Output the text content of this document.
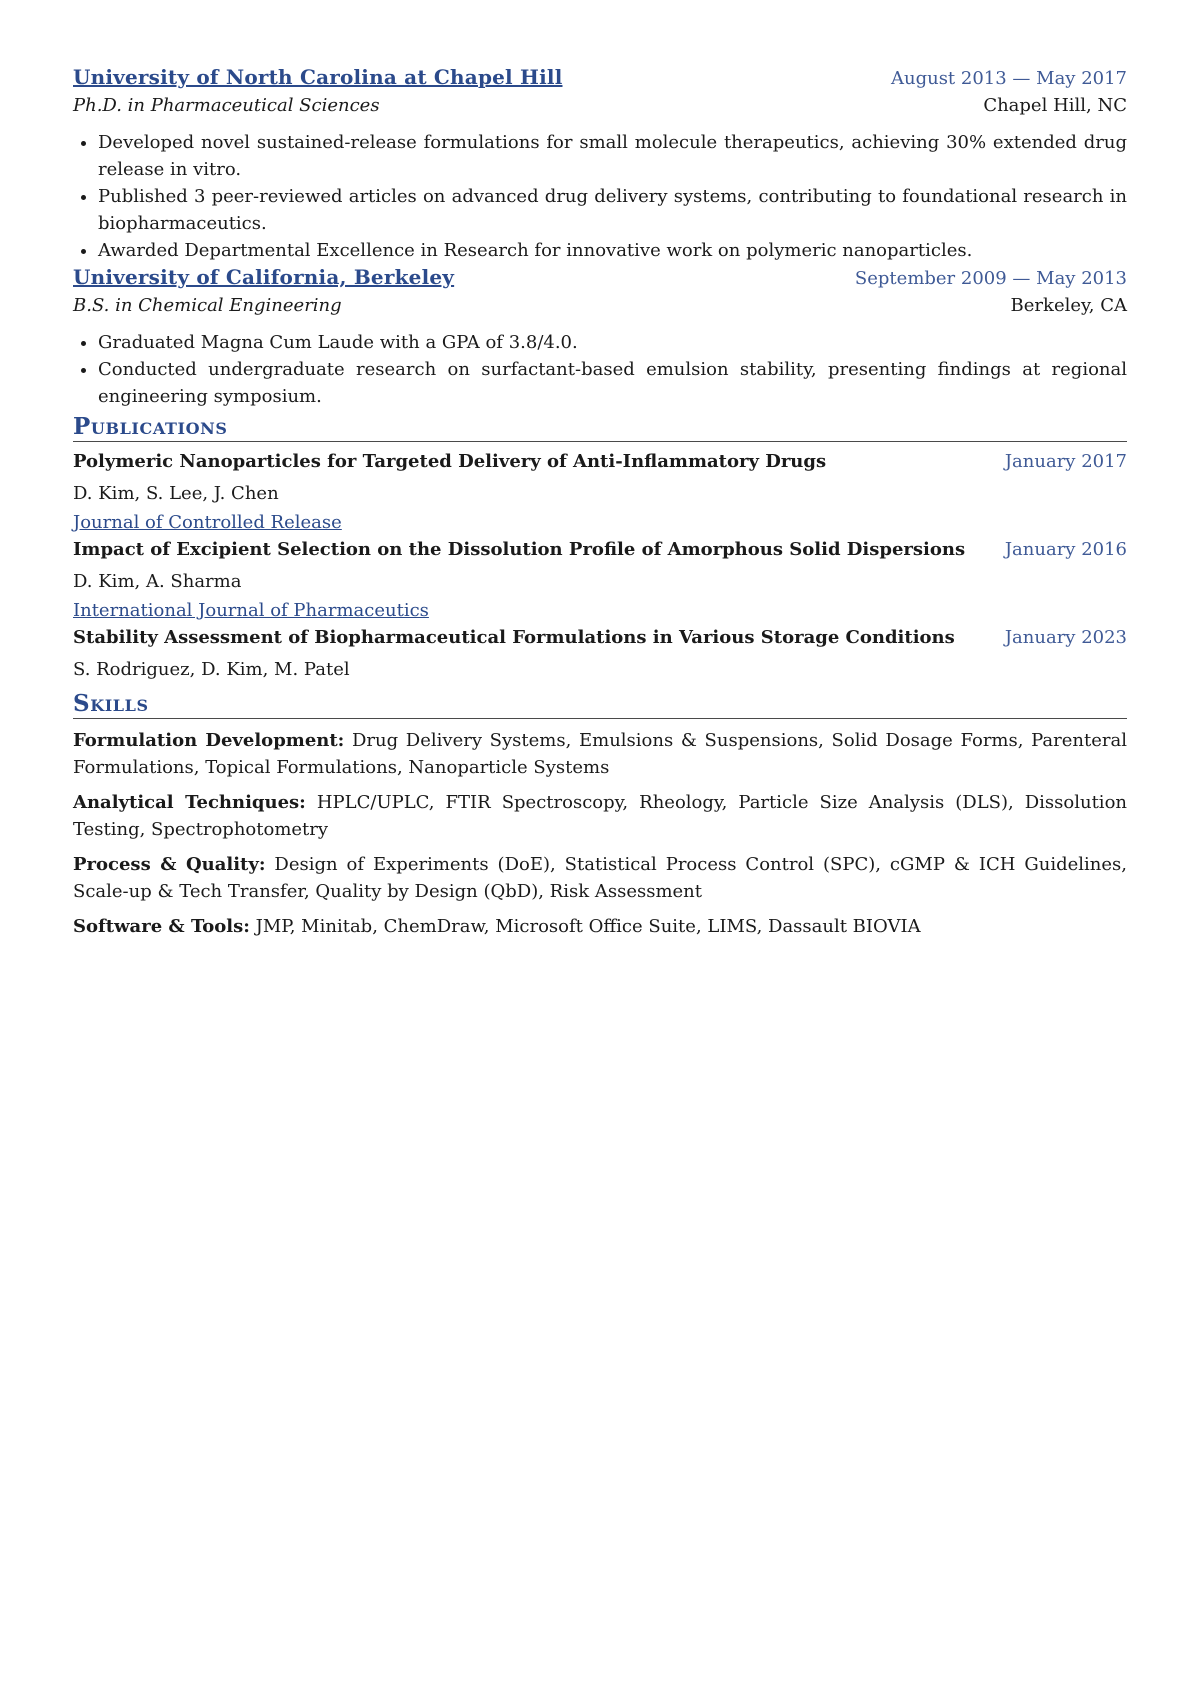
University of North Carolina at Chapel Hill	August 2013 — May 2017
Ph.D. in Pharmaceutical Sciences	Chapel Hill, NC
• Developed novel sustained-release formulations for small molecule therapeutics, achieving 30% extended drug release in vitro.
• Published 3 peer-reviewed articles on advanced drug delivery systems, contributing to foundational research in biopharmaceutics.
• Awarded Departmental Excellence in Research for innovative work on polymeric nanoparticles.
University of California, Berkeley	September 2009 — May 2013
B.S. in Chemical Engineering	Berkeley, CA
• Graduated Magna Cum Laude with a GPA of 3.8/4.0.
• Conducted undergraduate research on surfactant-based emulsion stability, presenting findings at regional engineering symposium.
Publications
Polymeric Nanoparticles for Targeted Delivery of Anti-Inflammatory Drugs	January 2017
D. Kim, S. Lee, J. Chen
Journal of Controlled Release
Impact of Excipient Selection on the Dissolution Profile of Amorphous Solid Dispersions January 2016
D. Kim, A. Sharma
International Journal of Pharmaceutics
Stability Assessment of Biopharmaceutical Formulations in Various Storage Conditions	January 2023
S. Rodriguez, D. Kim, M. Patel
Skills
Formulation Development: Drug Delivery Systems, Emulsions & Suspensions, Solid Dosage Forms, Parenteral Formulations, Topical Formulations, Nanoparticle Systems
Analytical Techniques: HPLC/UPLC, FTIR Spectroscopy, Rheology, Particle Size Analysis (DLS), Dissolution Testing, Spectrophotometry
Process & Quality: Design of Experiments (DoE), Statistical Process Control (SPC), cGMP & ICH Guidelines, Scale-up & Tech Transfer, Quality by Design (QbD), Risk Assessment
Software & Tools: JMP, Minitab, ChemDraw, Microsoft Office Suite, LIMS, Dassault BIOVIA
